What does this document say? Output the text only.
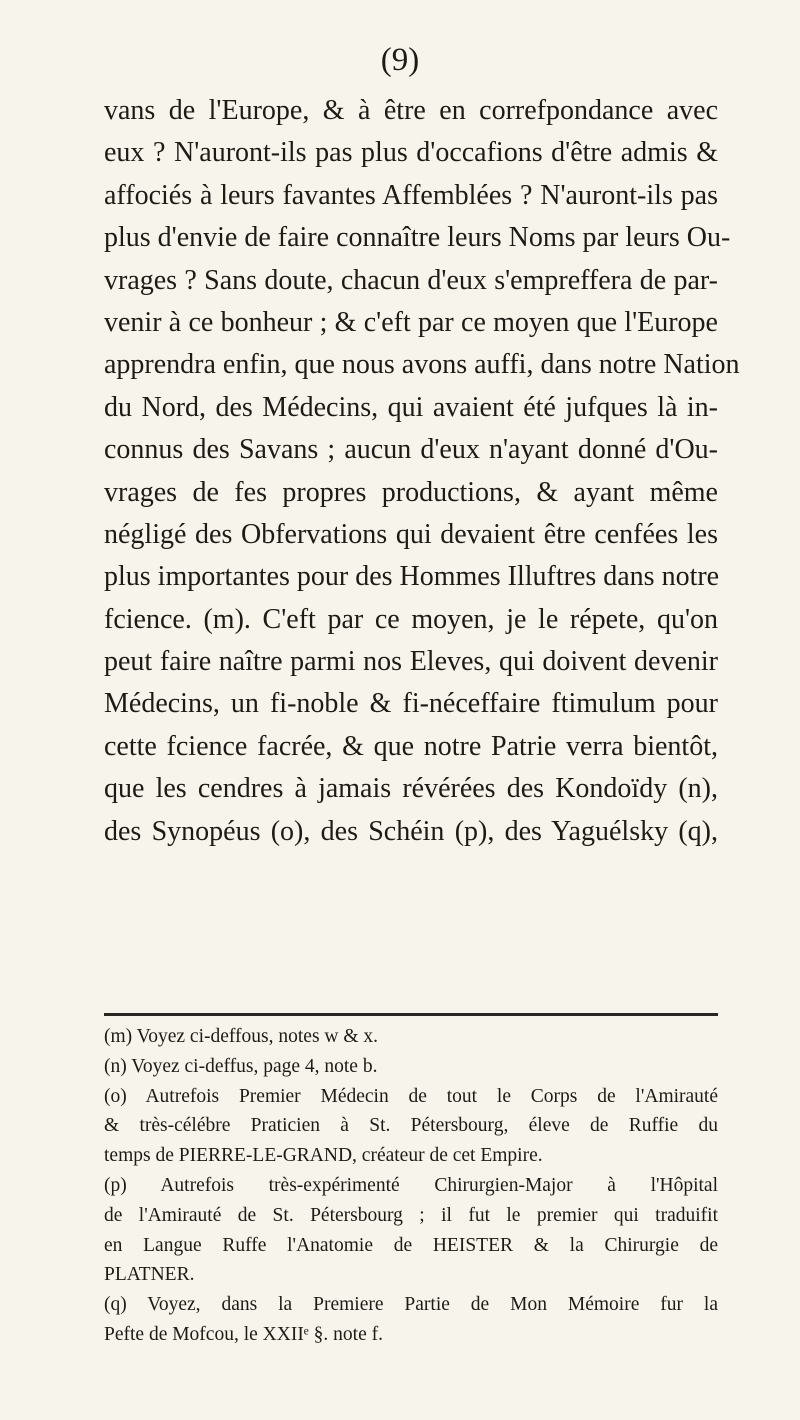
(9)
vans de l'Europe, & à être en correfpondance avec
eux ? N'auront-ils pas plus d'occafions d'être admis &
affociés à leurs favantes Affemblées ? N'auront-ils pas
plus d'envie de faire connaître leurs Noms par leurs Ou-
vrages ? Sans doute, chacun d'eux s'empreffera de par-
venir à ce bonheur ; & c'eft par ce moyen que l'Europe
apprendra enfin, que nous avons auffi, dans notre Nation
du Nord, des Médecins, qui avaient été jufques là in-
connus des Savans ; aucun d'eux n'ayant donné d'Ou-
vrages de fes propres productions, & ayant même
négligé des Obfervations qui devaient être cenfées les
plus importantes pour des Hommes Illuftres dans notre
fcience. (m). C'eft par ce moyen, je le répete, qu'on
peut faire naître parmi nos Eleves, qui doivent devenir
Médecins, un fi-noble & fi-néceffaire ftimulum pour
cette fcience facrée, & que notre Patrie verra bientôt,
que les cendres à jamais révérées des Kondoïdy (n),
des Synopéus (o), des Schéin (p), des Yaguélsky (q),
(m) Voyez ci-deffous, notes w & x.
(n) Voyez ci-deffus, page 4, note b.
(o) Autrefois Premier Médecin de tout le Corps de l'Amirauté
& très-célébre Praticien à St. Pétersbourg, éleve de Ruffie du
temps de PIERRE-LE-GRAND, créateur de cet Empire.
(p) Autrefois très-expérimenté Chirurgien-Major à l'Hôpital
de l'Amirauté de St. Pétersbourg ; il fut le premier qui traduifit
en Langue Ruffe l'Anatomie de HEISTER & la Chirurgie de
PLATNER.
(q) Voyez, dans la Premiere Partie de Mon Mémoire fur la
Pefte de Mofcou, le XXIIᵉ §. note f.
